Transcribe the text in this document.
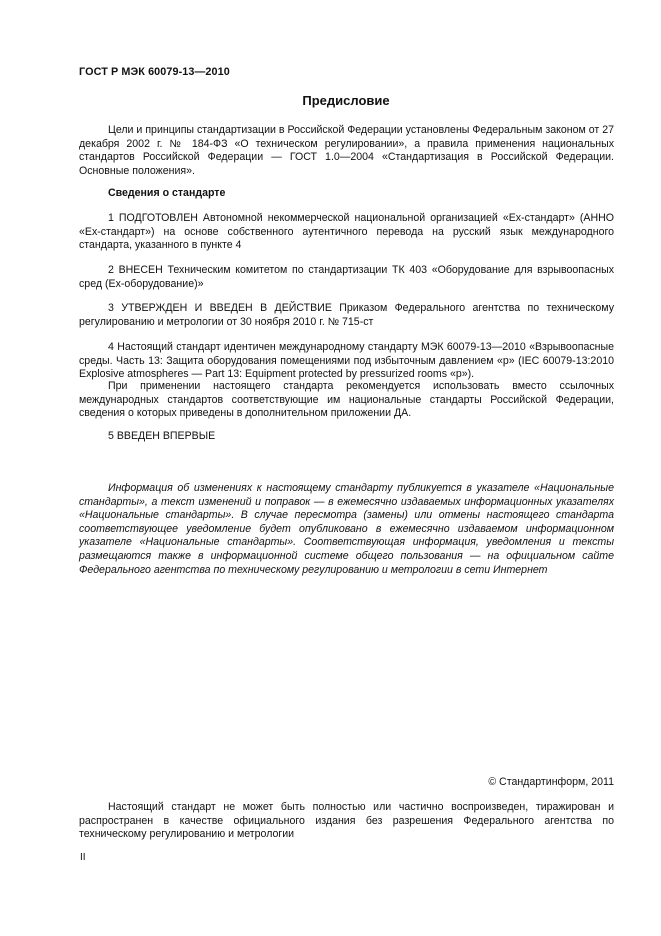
ГОСТ Р МЭК 60079-13—2010
Предисловие

Цели и принципы стандартизации в Российской Федерации установлены Федеральным законом от 27 декабря 2002 г. № 184-ФЗ «О техническом регулировании», а правила применения национальных стандартов Российской Федерации — ГОСТ 1.0—2004 «Стандартизация в Российской Федерации. Основные положения».

Сведения о стандарте

1 ПОДГОТОВЛЕН Автономной некоммерческой национальной организацией «Ех-стандарт» (АННО «Ех-стандарт») на основе собственного аутентичного перевода на русский язык международного стандарта, указанного в пункте 4

2 ВНЕСЕН Техническим комитетом по стандартизации ТК 403 «Оборудование для взрывоопасных сред (Ех-оборудование)»

3 УТВЕРЖДЕН И ВВЕДЕН В ДЕЙСТВИЕ Приказом Федерального агентства по техническому регулированию и метрологии от 30 ноября 2010 г. № 715-ст

4 Настоящий стандарт идентичен международному стандарту МЭК 60079-13—2010 «Взрывоопасные среды. Часть 13: Защита оборудования помещениями под избыточным давлением «р» (IEC 60079-13:2010 Explosive atmospheres — Part 13: Equipment protected by pressurized rooms «р»).

При применении настоящего стандарта рекомендуется использовать вместо ссылочных международных стандартов соответствующие им национальные стандарты Российской Федерации, сведения о которых приведены в дополнительном приложении ДА.

5 ВВЕДЕН ВПЕРВЫЕ

Информация об изменениях к настоящему стандарту публикуется в указателе «Национальные стандарты», а текст изменений и поправок — в ежемесячно издаваемых информационных указателях «Национальные стандарты». В случае пересмотра (замены) или отмены настоящего стандарта соответствующее уведомление будет опубликовано в ежемесячно издаваемом информационном указателе «Национальные стандарты». Соответствующая информация, уведомления и тексты размещаются также в информационной системе общего пользования — на официальном сайте Федерального агентства по техническому регулированию и метрологии в сети Интернет

© Стандартинформ, 2011

Настоящий стандарт не может быть полностью или частично воспроизведен, тиражирован и распространен в качестве официального издания без разрешения Федерального агентства по техническому регулированию и метрологии

II
